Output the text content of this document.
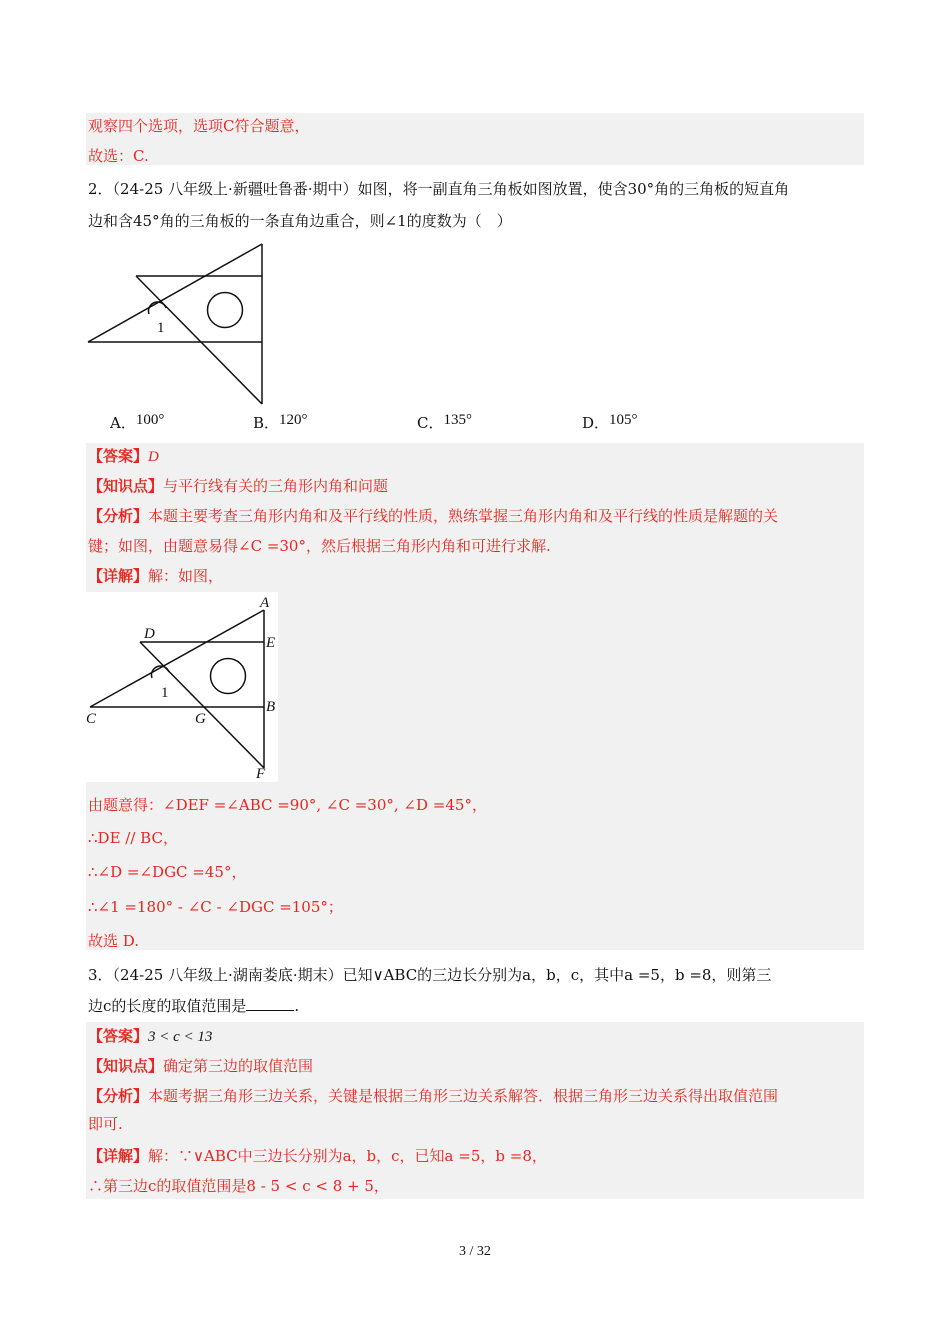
观察四个选项，选项C符合题意，
故选：C.
2．（24-25 八年级上·新疆吐鲁番·期中）如图，将一副直角三角板如图放置，使含30°角的三角板的短直角
边和含45°角的三角板的一条直角边重合，则∠1的度数为（　）
1
A．100°	B．120°	C．135°	D．105°
【答案】D
【知识点】与平行线有关的三角形内角和问题
【分析】本题主要考查三角形内角和及平行线的性质，熟练掌握三角形内角和及平行线的性质是解题的关
键；如图，由题意易得∠C =30°，然后根据三角形内角和可进行求解.
【详解】解：如图，
A
D
E
C	G
B
F
1
由题意得：∠DEF =∠ABC =90°, ∠C =30°, ∠D =45°，
∴DE // BC，
∴∠D =∠DGC =45°，
∴∠1 =180° - ∠C - ∠DGC =105°；
故选 D.
3．（24-25 八年级上·湖南娄底·期末）已知∨ABC的三边长分别为a，b，c，其中a =5，b =8，则第三
边c的长度的取值范围是	.
【答案】3 < c < 13
【知识点】确定第三边的取值范围
【分析】本题考据三角形三边关系，关键是根据三角形三边关系解答．根据三角形三边关系得出取值范围
即可.
【详解】解：∵∨ABC中三边长分别为a，b，c，已知a =5，b =8，
∴第三边c的取值范围是8 - 5 < c < 8 + 5，
3 / 32
